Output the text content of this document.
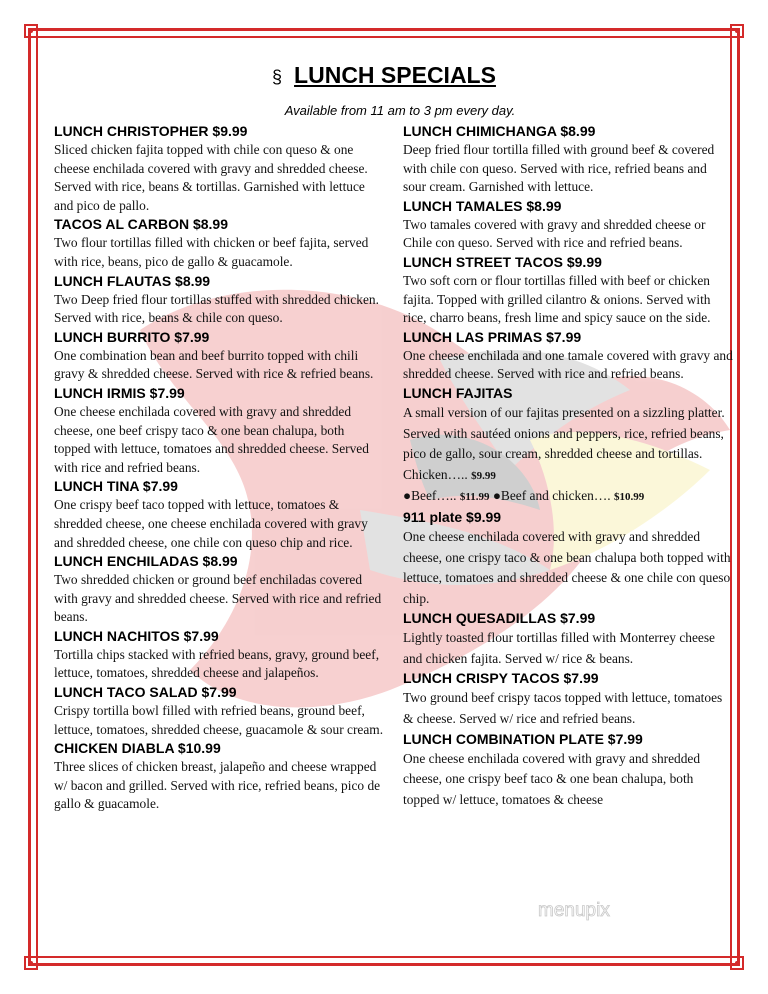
§ LUNCH SPECIALS
Available from 11 am to 3 pm every day.
LUNCH CHRISTOPHER $9.99
Sliced chicken fajita topped with chile con queso & one cheese enchilada covered with gravy and shredded cheese. Served with rice, beans & tortillas. Garnished with lettuce and pico de pallo.
TACOS AL CARBON $8.99
Two flour tortillas filled with chicken or beef fajita, served with rice, beans, pico de gallo & guacamole.
LUNCH FLAUTAS $8.99
Two Deep fried flour tortillas stuffed with shredded chicken. Served with rice, beans & chile con queso.
LUNCH BURRITO $7.99
One combination bean and beef burrito topped with chili gravy & shredded cheese. Served with rice & refried beans.
LUNCH IRMIS $7.99
One cheese enchilada covered with gravy and shredded cheese, one beef crispy taco & one bean chalupa, both topped with lettuce, tomatoes and shredded cheese. Served with rice and refried beans.
LUNCH TINA $7.99
One crispy beef taco topped with lettuce, tomatoes & shredded cheese, one cheese enchilada covered with gravy and shredded cheese, one chile con queso chip and rice.
LUNCH ENCHILADAS $8.99
Two shredded chicken or ground beef enchiladas covered with gravy and shredded cheese. Served with rice and refried beans.
LUNCH NACHITOS $7.99
Tortilla chips stacked with refried beans, gravy, ground beef, lettuce, tomatoes, shredded cheese and jalapeños.
LUNCH TACO SALAD $7.99
Crispy tortilla bowl filled with refried beans, ground beef, lettuce, tomatoes, shredded cheese, guacamole & sour cream.
CHICKEN DIABLA $10.99
Three slices of chicken breast, jalapeño and cheese wrapped w/ bacon and grilled. Served with rice, refried beans, pico de gallo & guacamole.
LUNCH CHIMICHANGA $8.99
Deep fried flour tortilla filled with ground beef & covered with chile con queso. Served with rice, refried beans and sour cream. Garnished with lettuce.
LUNCH TAMALES $8.99
Two tamales covered with gravy and shredded cheese or Chile con queso. Served with rice and refried beans.
LUNCH STREET TACOS $9.99
Two soft corn or flour tortillas filled with beef or chicken fajita. Topped with grilled cilantro & onions. Served with rice, charro beans, fresh lime and spicy sauce on the side.
LUNCH LAS PRIMAS $7.99
One cheese enchilada and one tamale covered with gravy and shredded cheese. Served with rice and refried beans.
LUNCH FAJITAS
A small version of our fajitas presented on a sizzling platter. Served with sautéed onions and peppers, rice, refried beans, pico de gallo, sour cream, shredded cheese and tortillas. Chicken….. $9.99
●Beef….. $11.99 ●Beef and chicken…. $10.99
911 plate $9.99
One cheese enchilada covered with gravy and shredded cheese, one crispy taco & one bean chalupa both topped with lettuce, tomatoes and shredded cheese & one chile con queso chip.
LUNCH QUESADILLAS $7.99
Lightly toasted flour tortillas filled with Monterrey cheese and chicken fajita. Served w/ rice & beans.
LUNCH CRISPY TACOS $7.99
Two ground beef crispy tacos topped with lettuce, tomatoes & cheese. Served w/ rice and refried beans.
LUNCH COMBINATION PLATE $7.99
One cheese enchilada covered with gravy and shredded cheese, one crispy beef taco & one bean chalupa, both topped w/ lettuce, tomatoes & cheese
menupix
